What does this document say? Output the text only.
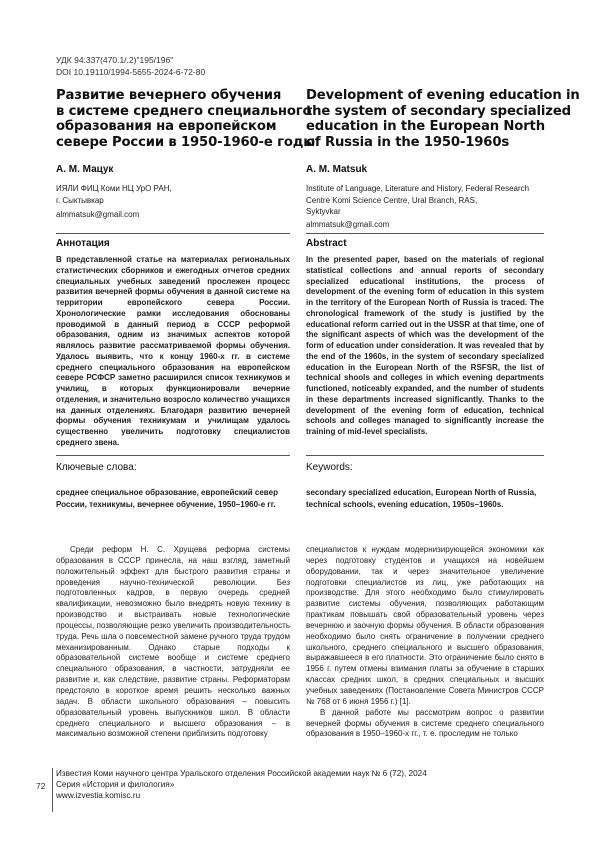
УДК 94:337(470.1/.2)"195/196"
DOI 10.19110/1994-5655-2024-6-72-80
Развитие вечернего обучения
в системе среднего специального
образования на европейском
севере России в 1950-1960-е годы
Development of evening education in
the system of secondary specialized
education in the European North
of Russia in the 1950-1960s
А. М. Мацук	A. M. Matsuk
ИЯЛИ ФИЦ Коми НЦ УрО РАН,
г. Сыктывкар
Institute of Language, Literature and History, Federal Research
Centre Komi Science Centre, Ural Branch, RAS,
Syktyvkar
almmatsuk@gmail.com
almmatsuk@gmail.com
Аннотация	Abstract
В представленной статье на материалах региональных статистических сборников и ежегодных отчетов средних специальных учебных заведений прослежен процесс развития вечерней формы обучения в данной системе на территории европейского севера России. Хронологические рамки исследования обоснованы проводимой в данный период в СССР реформой образования, одним из значимых аспектов которой являлось развитие рассматриваемой формы обучения. Удалось выявить, что к концу 1960-х гг. в системе среднего специального образования на европейском севере РСФСР заметно расширился список техникумов и училищ, в которых функционировали вечерние отделения, и значительно возросло количество учащихся на данных отделениях. Благодаря развитию вечерней формы обучения техникумам и училищам удалось существенно увеличить подготовку специалистов среднего звена.
In the presented paper, based on the materials of regional statistical collections and annual reports of secondary specialized educational institutions, the process of development of the evening form of education in this system in the territory of the European North of Russia is traced. The chronological framework of the study is justified by the educational reform carried out in the USSR at that time, one of the significant aspects of which was the development of the form of education under consideration. It was revealed that by the end of the 1960s, in the system of secondary specialized education in the European North of the RSFSR, the list of technical shools and colleges in which evening departments functioned, noticeably expanded, and the number of students in these departments increased significantly. Thanks to the development of the evening form of education, technical schools and colleges managed to significantly increase the training of mid-level specialists.
Ключевые слова:	Keywords:
среднее специальное образование, европейский север России, техникумы, вечернее обучение, 1950–1960-е гг.
secondary specialized education, European North of Russia, technical schools, evening education, 1950s–1960s.

Среди реформ Н. С. Хрущева реформа системы образования в СССР принесла, на наш взгляд, заметный положительный эффект для быстрого развития страны и проведения научно-технической революции. Без подготовленных кадров, в первую очередь средней квалификации, невозможно было внедрять новую технику в производство и выстраивать новые технологические процессы, позволяющие резко увеличить производительность труда. Речь шла о повсеместной замене ручного труда трудом механизированным. Однако старые подходы к образовательной системе вообще и системе среднего специального образования, в частности, затрудняли ее развитие и, как следствие, развитие страны. Реформаторам предстояло в короткое время решить несколько важных задач. В области школьного образования – повысить образовательный уровень выпускников школ. В области среднего специального и высшего образования – в максимально возможной степени приблизить подготовку

специалистов к нуждам модернизирующейся экономики как через подготовку студентов и учащихся на новейшем оборудовании, так и через значительное увеличение подготовки специалистов из лиц, уже работающих на производстве. Для этого необходимо было стимулировать развитие системы обучения, позволяющих работающим практикам повышать свой образовательный уровень через вечернюю и заочную формы обучения. В области образования необходимо было снять ограничение в получении среднего школьного, среднего специального и высшего образования, выражавшееся в его платности. Это ограничение было снято в 1956 г. путем отмены взимания платы за обучение в старших классах средних школ, в средних специальных и высших учебных заведениях (Постановление Совета Министров СССР № 768 от 6 июня 1956 г.) [1].

В данной работе мы рассмотрим вопрос о развитии вечерней формы обучения в системе среднего специального образования в 1950–1960-х гг., т. е. проследим не только

72
Известия Коми научного центра Уральского отделения Российской академии наук № 6 (72), 2024
Серия «История и филология»
www.izvestia.komisc.ru
